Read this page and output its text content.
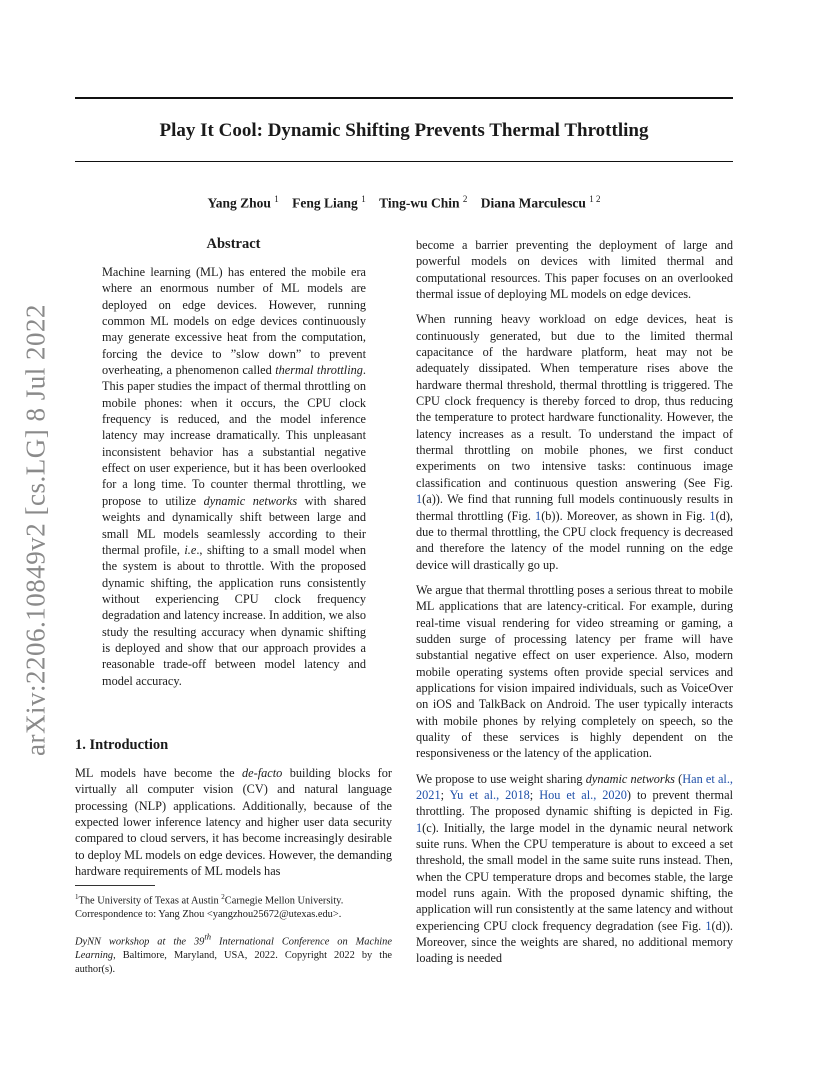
arXiv:2206.10849v2 [cs.LG] 8 Jul 2022
Play It Cool: Dynamic Shifting Prevents Thermal Throttling
Yang Zhou $^1$ Feng Liang $^1$ Ting-wu Chin $^2$ Diana Marculescu $^{1 2}$
Abstract
Machine learning (ML) has entered the mobile era where an enormous number of ML models are deployed on edge devices. However, running common ML models on edge devices continuously may generate excessive heat from the computation, forcing the device to ”slow down” to prevent overheating, a phenomenon called thermal throttling. This paper studies the impact of thermal throttling on mobile phones: when it occurs, the CPU clock frequency is reduced, and the model inference latency may increase dramatically. This unpleasant inconsistent behavior has a substantial negative effect on user experience, but it has been overlooked for a long time. To counter thermal throttling, we propose to utilize dynamic networks with shared weights and dynamically shift between large and small ML models seamlessly according to their thermal profile, i.e., shifting to a small model when the system is about to throttle. With the proposed dynamic shifting, the application runs consistently without experiencing CPU clock frequency degradation and latency increase. In addition, we also study the resulting accuracy when dynamic shifting is deployed and show that our approach provides a reasonable trade-off between model latency and model accuracy.
1. Introduction
ML models have become the de-facto building blocks for virtually all computer vision (CV) and natural language processing (NLP) applications. Additionally, because of the expected lower inference latency and higher user data security compared to cloud servers, it has become increasingly desirable to deploy ML models on edge devices. However, the demanding hardware requirements of ML models has
$^1$The University of Texas at Austin $^2$Carnegie Mellon University. Correspondence to: Yang Zhou <yangzhou25672@utexas.edu>.
DyNN workshop at the 39th International Conference on Machine Learning, Baltimore, Maryland, USA, 2022. Copyright 2022 by the author(s).

become a barrier preventing the deployment of large and powerful models on devices with limited thermal and computational resources. This paper focuses on an overlooked thermal issue of deploying ML models on edge devices.

When running heavy workload on edge devices, heat is continuously generated, but due to the limited thermal capacitance of the hardware platform, heat may not be adequately dissipated. When temperature rises above the hardware thermal threshold, thermal throttling is triggered. The CPU clock frequency is thereby forced to drop, thus reducing the temperature to protect hardware functionality. However, the latency increases as a result. To understand the impact of thermal throttling on mobile phones, we first conduct experiments on two intensive tasks: continuous image classification and continuous question answering (See Fig. 1(a)). We find that running full models continuously results in thermal throttling (Fig. 1(b)). Moreover, as shown in Fig. 1(d), due to thermal throttling, the CPU clock frequency is decreased and therefore the latency of the model running on the edge device will drastically go up.

We argue that thermal throttling poses a serious threat to mobile ML applications that are latency-critical. For example, during real-time visual rendering for video streaming or gaming, a sudden surge of processing latency per frame will have substantial negative effect on user experience. Also, modern mobile operating systems often provide special services and applications for vision impaired individuals, such as VoiceOver on iOS and TalkBack on Android. The user typically interacts with mobile phones by relying completely on speech, so the quality of these services is highly dependent on the responsiveness or the latency of the application.

We propose to use weight sharing dynamic networks (Han et al., 2021; Yu et al., 2018; Hou et al., 2020) to prevent thermal throttling. The proposed dynamic shifting is depicted in Fig. 1(c). Initially, the large model in the dynamic neural network suite runs. When the CPU temperature is about to exceed a set threshold, the small model in the same suite runs instead. Then, when the CPU temperature drops and becomes stable, the large model runs again. With the proposed dynamic shifting, the application will run consistently at the same latency and without experiencing CPU clock frequency degradation (see Fig. 1(d)). Moreover, since the weights are shared, no additional memory loading is needed
